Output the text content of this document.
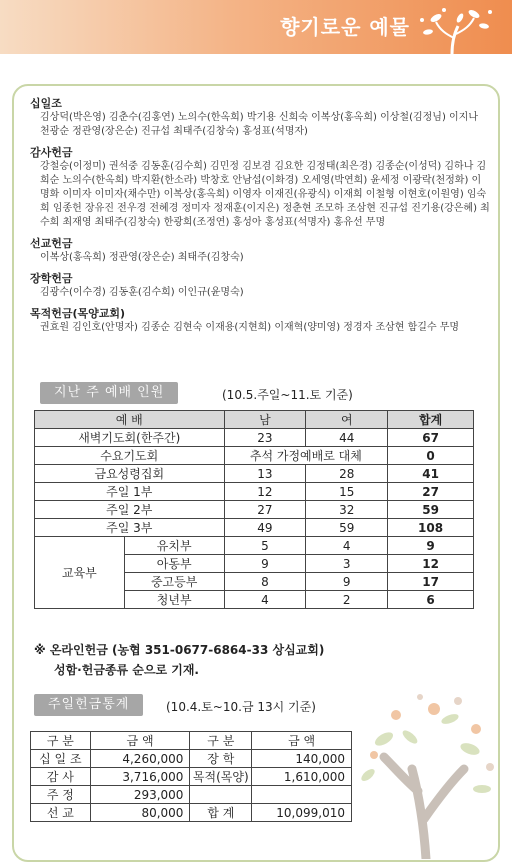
향기로운 예물
십일조
김상덕(박은영) 김춘수(김홍연) 노의수(한옥희) 박기용 신희숙 이복상(홍옥희) 이상철(김정님) 이지나 천광순 정관영(장은순) 진규섭 최태주(김창숙) 홍성표(석명자)
감사헌금
강철승(이정미) 권석중 김동훈(김수희) 김민정 김보겸 김요한 김정태(최은경) 김종순(이성덕) 김하나 김희순 노의수(한옥희) 박지환(한소라) 박창호 안남섭(이화경) 오세영(박연희) 윤세정 이광락(천정화) 이명화 이미자 이미자(채수만) 이복상(홍옥희) 이영자 이재진(유광식) 이재희 이철형 이현호(이원영) 임숙희 임종헌 장유진 전우경 전혜경 정미자 정재훈(이지은) 정춘현 조모하 조삼현 진규섭 진기용(강은혜) 최수희 최재영 최태주(김창숙) 한광희(조정연) 홍성아 홍성표(석명자) 홍유선 무명
선교헌금
이복상(홍옥희) 정관영(장은순) 최태주(김창숙)
장학헌금
김광수(이수경) 김동훈(김수희) 이인규(윤명숙)
목적헌금(목양교회)
권효원 김인호(안명자) 김종순 김현숙 이재용(지현희) 이재혁(양미영) 정경자 조삼현 함길수 무명
지난 주 예배 인원	(10.5.주일~11.토 기준)
예 배		남	여	합계
새벽기도회(한주간)		23	44	67
수요기도회		추석 가정예배로 대체		0
금요성령집회		13	28	41
주일 1부		12	15	27
주일 2부		27	32	59
주일 3부		49	59	108
교육부	유치부	5	4	9
	아동부	9	3	12
	중고등부	8	9	17
	청년부	4	2	6
※ 온라인헌금 (농협 351-0677-6864-33 상심교회)
성함·헌금종류 순으로 기재.
주일헌금통계	(10.4.토~10.금 13시 기준)
구 분	금 액	구 분	금 액
십 일 조	4,260,000	장 학	140,000
감 사	3,716,000	목적(목양)	1,610,000
주 정	293,000		
선 교	80,000	합 계	10,099,010
